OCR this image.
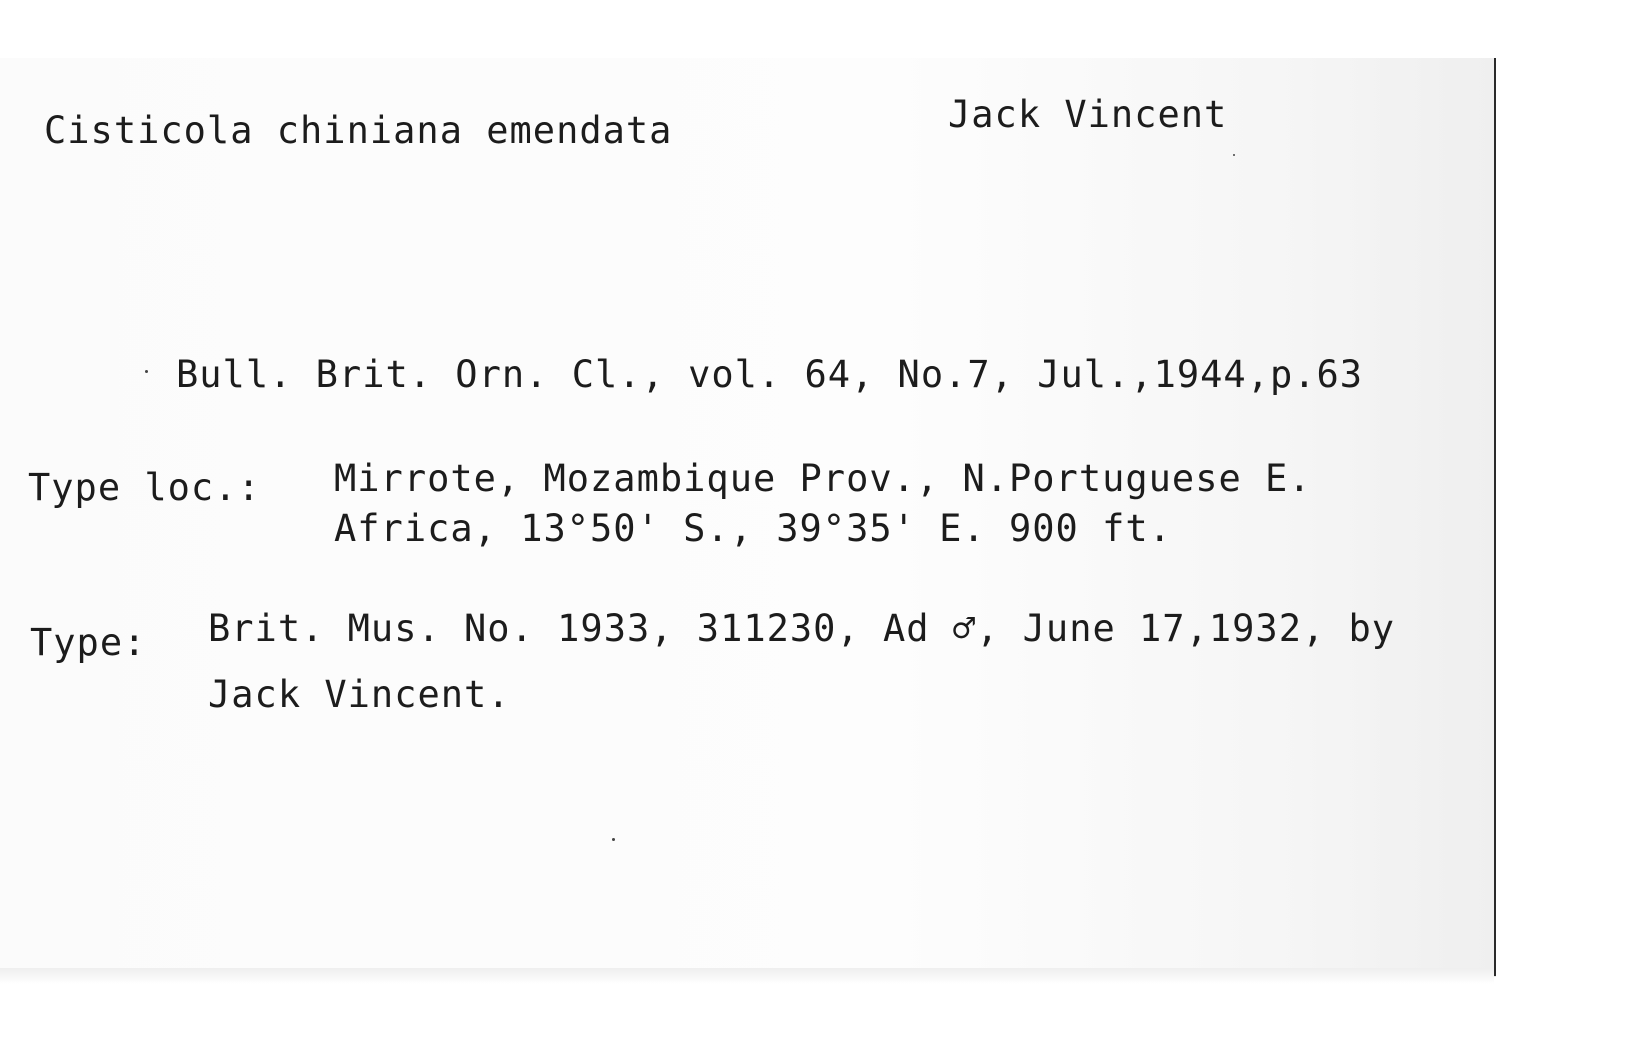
Cisticola chiniana emendata	Jack Vincent
Bull. Brit. Orn. Cl., vol. 64, No.7, Jul.,1944,p.63
Type loc.: Mirrote, Mozambique Prov., N.Portuguese E.
Africa, 13°50' S., 39°35' E. 900 ft.
Type: Brit. Mus. No. 1933, 311230, Ad ♂, June 17,1932, by
Jack Vincent.
